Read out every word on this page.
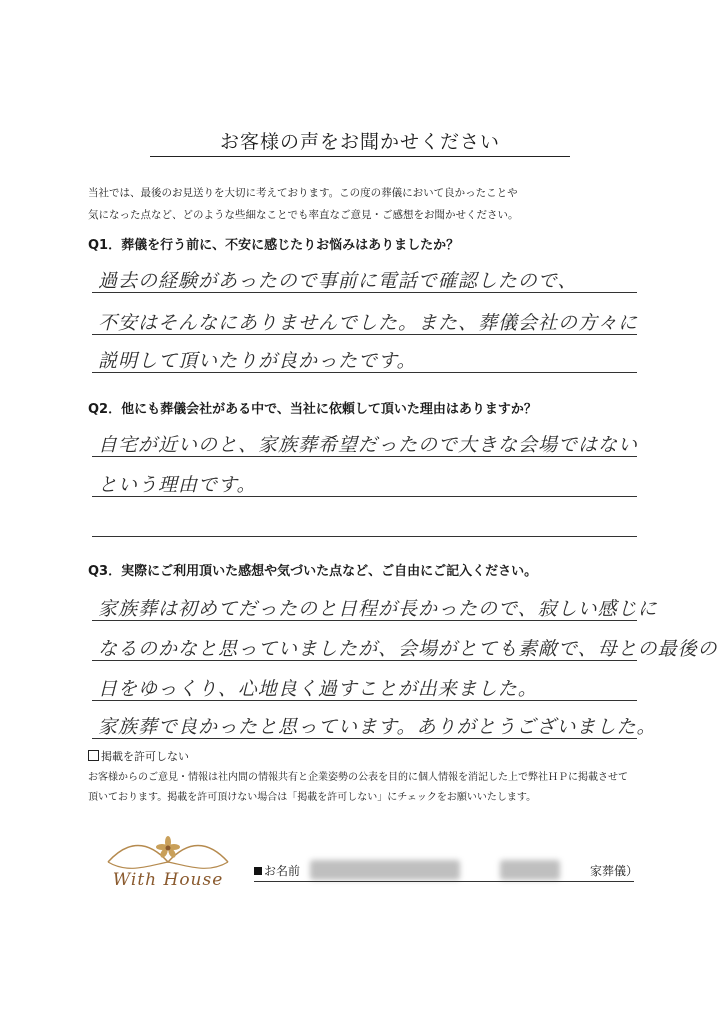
お客様の声をお聞かせください
当社では、最後のお見送りを大切に考えております。この度の葬儀において良かったことや
気になった点など、どのような些細なことでも率直なご意見・ご感想をお聞かせください。
Q1．葬儀を行う前に、不安に感じたりお悩みはありましたか？
過去の経験があったので事前に電話で確認したので、
不安はそんなにありませんでした。また、葬儀会社の方々に
説明して頂いたりが良かったです。
Q2．他にも葬儀会社がある中で、当社に依頼して頂いた理由はありますか？
自宅が近いのと、家族葬希望だったので大きな会場ではない
という理由です。
Q3．実際にご利用頂いた感想や気づいた点など、ご自由にご記入ください。
家族葬は初めてだったのと日程が長かったので、寂しい感じに
なるのかなと思っていましたが、会場がとても素敵で、母との最後の
日をゆっくり、心地良く過すことが出来ました。
家族葬で良かったと思っています。ありがとうございました。
掲載を許可しない
お客様からのご意見・情報は社内間の情報共有と企業姿勢の公表を目的に個人情報を消記した上で弊社ＨＰに掲載させて
頂いております。掲載を許可頂けない場合は「掲載を許可しない」にチェックをお願いいたします。
With House	お名前	家葬儀）
